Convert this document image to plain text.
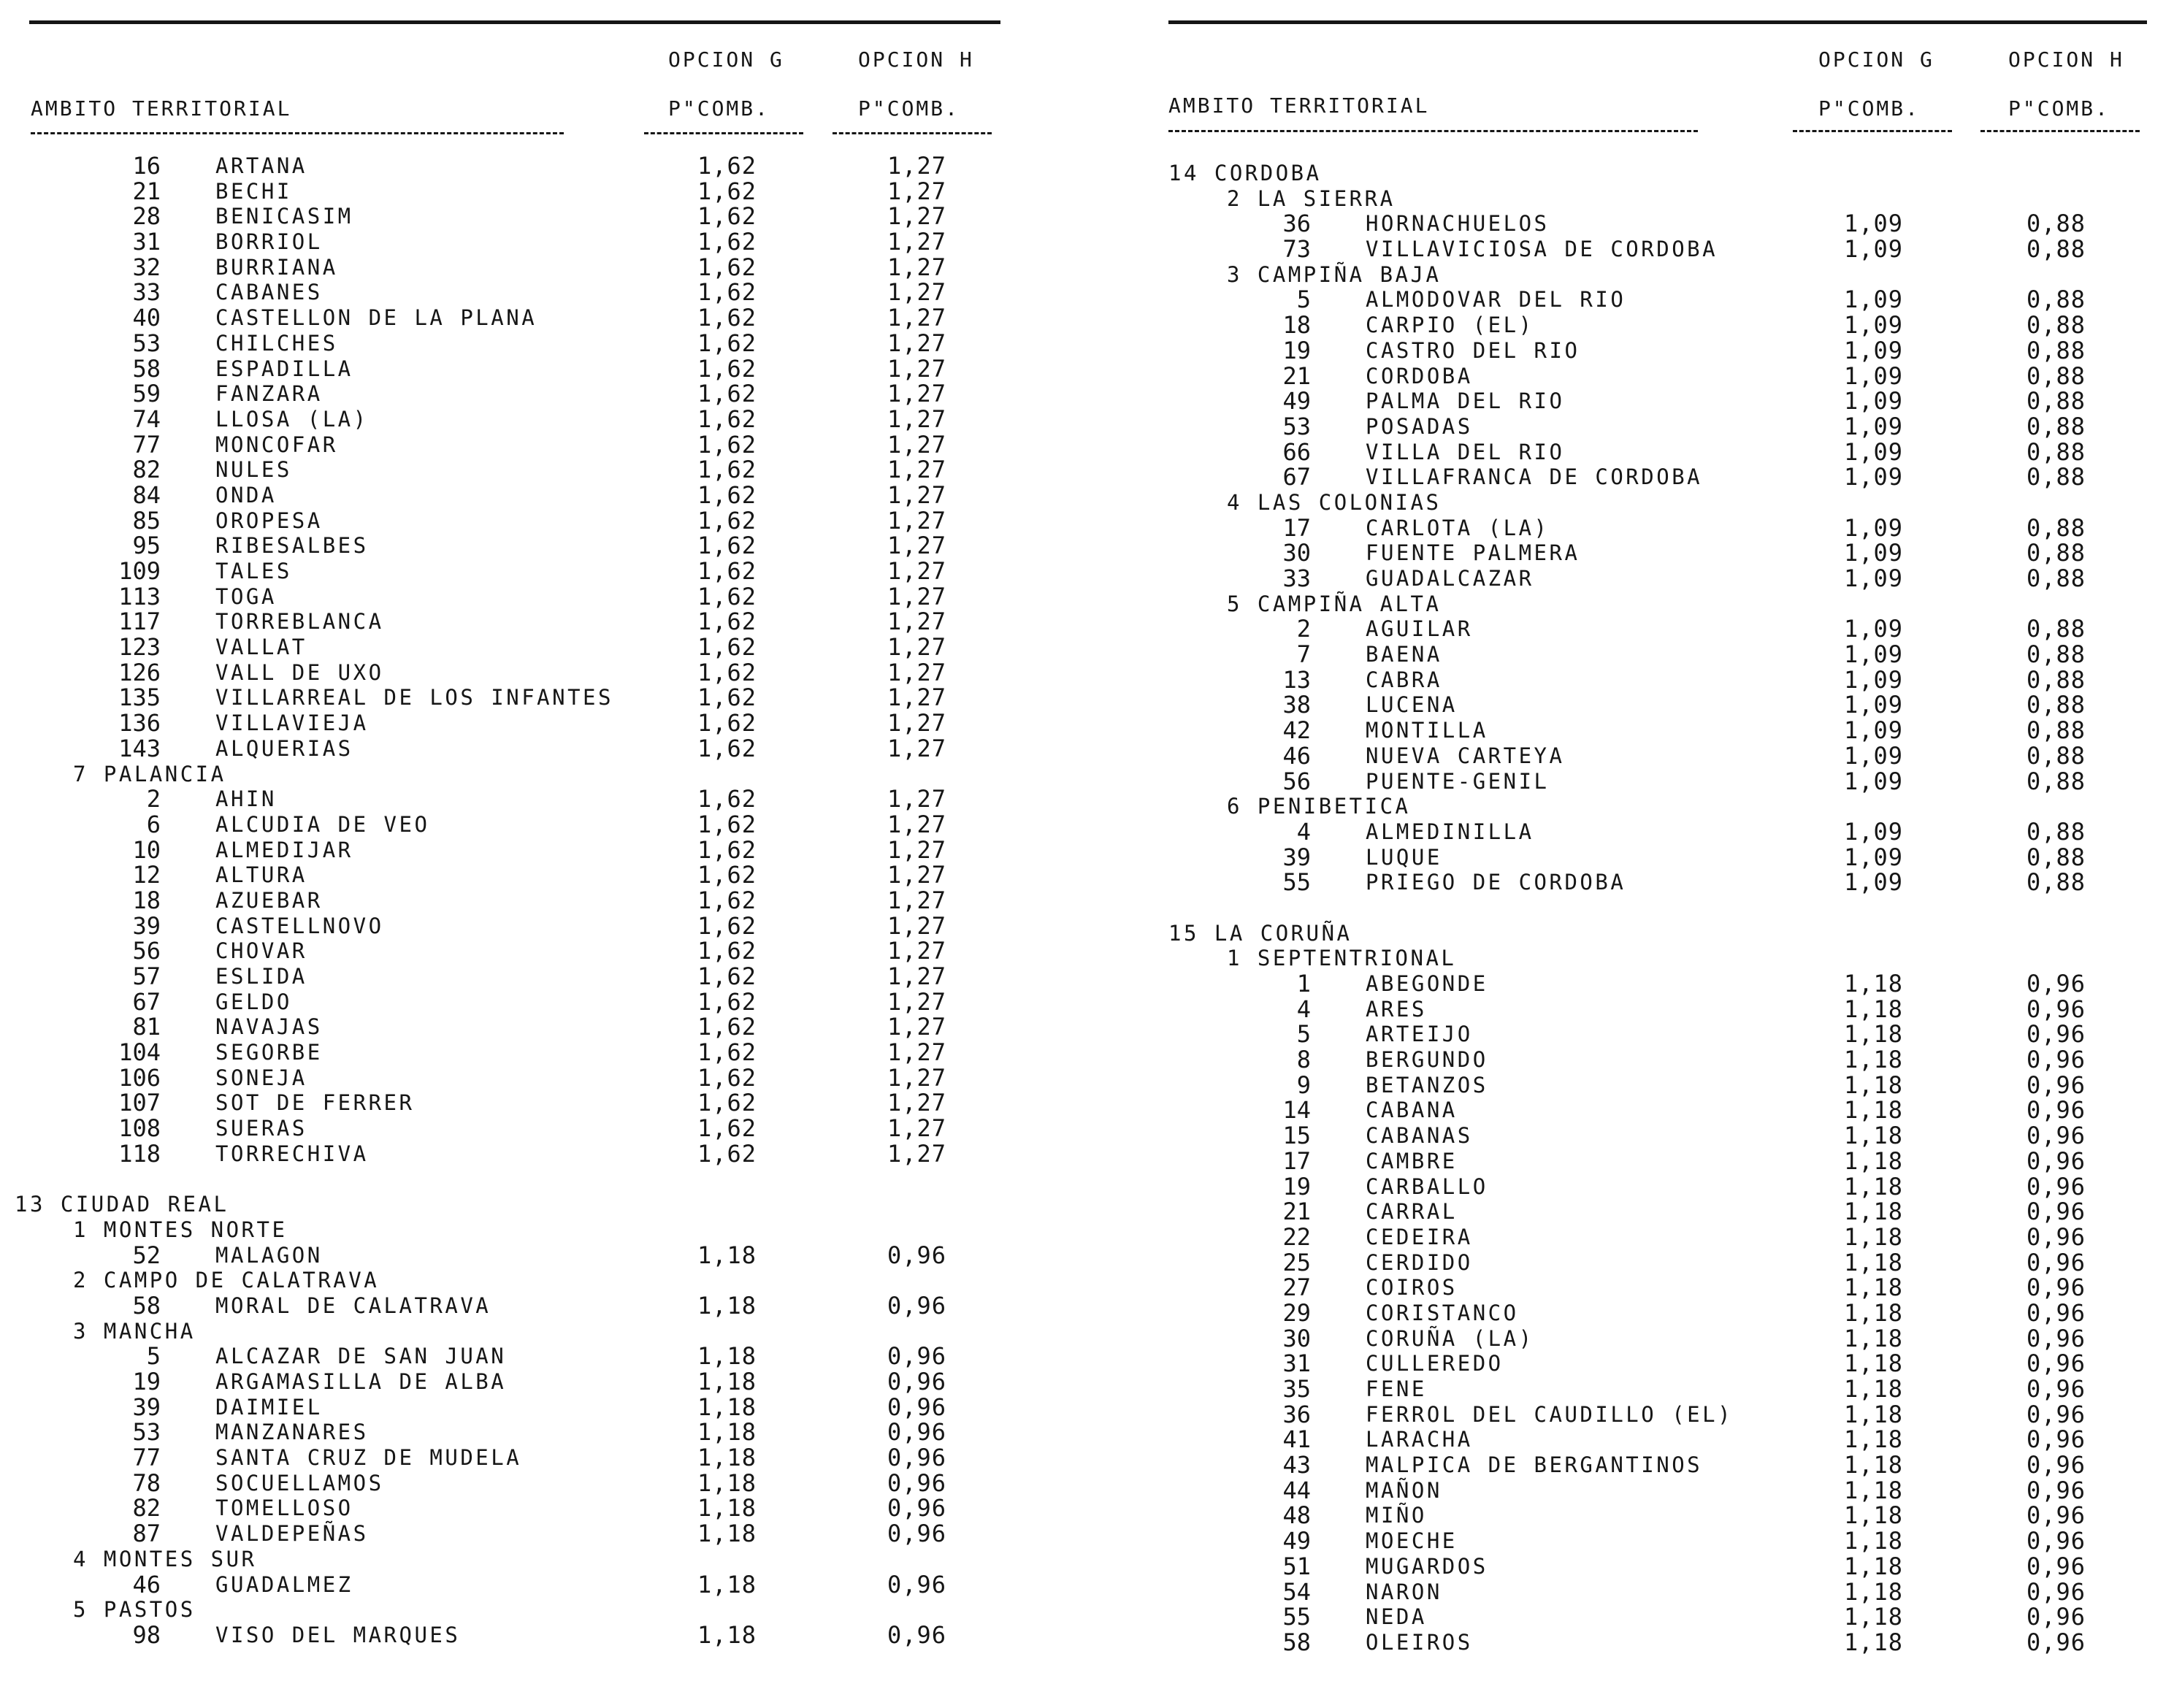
OPCION G	OPCION H
AMBITO TERRITORIAL	P"COMB.	P"COMB.
16	ARTANA	1,62	1,27
21	BECHI	1,62	1,27
28	BENICASIM	1,62	1,27
31	BORRIOL	1,62	1,27
32	BURRIANA	1,62	1,27
33	CABANES	1,62	1,27
40	CASTELLON DE LA PLANA	1,62	1,27
53	CHILCHES	1,62	1,27
58	ESPADILLA	1,62	1,27
59	FANZARA	1,62	1,27
74	LLOSA (LA)	1,62	1,27
77	MONCOFAR	1,62	1,27
82	NULES	1,62	1,27
84	ONDA	1,62	1,27
85	OROPESA	1,62	1,27
95	RIBESALBES	1,62	1,27
109	TALES	1,62	1,27
113	TOGA	1,62	1,27
117	TORREBLANCA	1,62	1,27
123	VALLAT	1,62	1,27
126	VALL DE UXO	1,62	1,27
135	VILLARREAL DE LOS INFANTES	1,62	1,27
136	VILLAVIEJA	1,62	1,27
143	ALQUERIAS	1,62	1,27
7 PALANCIA
2	AHIN	1,62	1,27
6	ALCUDIA DE VEO	1,62	1,27
10	ALMEDIJAR	1,62	1,27
12	ALTURA	1,62	1,27
18	AZUEBAR	1,62	1,27
39	CASTELLNOVO	1,62	1,27
56	CHOVAR	1,62	1,27
57	ESLIDA	1,62	1,27
67	GELDO	1,62	1,27
81	NAVAJAS	1,62	1,27
104	SEGORBE	1,62	1,27
106	SONEJA	1,62	1,27
107	SOT DE FERRER	1,62	1,27
108	SUERAS	1,62	1,27
118	TORRECHIVA	1,62	1,27
13 CIUDAD REAL
1 MONTES NORTE
52	MALAGON	1,18	0,96
2 CAMPO DE CALATRAVA
58	MORAL DE CALATRAVA	1,18	0,96
3 MANCHA
5	ALCAZAR DE SAN JUAN	1,18	0,96
19	ARGAMASILLA DE ALBA	1,18	0,96
39	DAIMIEL	1,18	0,96
53	MANZANARES	1,18	0,96
77	SANTA CRUZ DE MUDELA	1,18	0,96
78	SOCUELLAMOS	1,18	0,96
82	TOMELLOSO	1,18	0,96
87	VALDEPEÑAS	1,18	0,96
4 MONTES SUR
46	GUADALMEZ	1,18	0,96
5 PASTOS
98	VISO DEL MARQUES	1,18	0,96
OPCION G	OPCION H
AMBITO TERRITORIAL	P"COMB.	P"COMB.
14 CORDOBA
2 LA SIERRA
36	HORNACHUELOS	1,09	0,88
73	VILLAVICIOSA DE CORDOBA	1,09	0,88
3 CAMPIÑA BAJA
5	ALMODOVAR DEL RIO	1,09	0,88
18	CARPIO (EL)	1,09	0,88
19	CASTRO DEL RIO	1,09	0,88
21	CORDOBA	1,09	0,88
49	PALMA DEL RIO	1,09	0,88
53	POSADAS	1,09	0,88
66	VILLA DEL RIO	1,09	0,88
67	VILLAFRANCA DE CORDOBA	1,09	0,88
4 LAS COLONIAS
17	CARLOTA (LA)	1,09	0,88
30	FUENTE PALMERA	1,09	0,88
33	GUADALCAZAR	1,09	0,88
5 CAMPIÑA ALTA
2	AGUILAR	1,09	0,88
7	BAENA	1,09	0,88
13	CABRA	1,09	0,88
38	LUCENA	1,09	0,88
42	MONTILLA	1,09	0,88
46	NUEVA CARTEYA	1,09	0,88
56	PUENTE-GENIL	1,09	0,88
6 PENIBETICA
4	ALMEDINILLA	1,09	0,88
39	LUQUE	1,09	0,88
55	PRIEGO DE CORDOBA	1,09	0,88
15 LA CORUÑA
1 SEPTENTRIONAL
1	ABEGONDE	1,18	0,96
4	ARES	1,18	0,96
5	ARTEIJO	1,18	0,96
8	BERGUNDO	1,18	0,96
9	BETANZOS	1,18	0,96
14	CABANA	1,18	0,96
15	CABANAS	1,18	0,96
17	CAMBRE	1,18	0,96
19	CARBALLO	1,18	0,96
21	CARRAL	1,18	0,96
22	CEDEIRA	1,18	0,96
25	CERDIDO	1,18	0,96
27	COIROS	1,18	0,96
29	CORISTANCO	1,18	0,96
30	CORUÑA (LA)	1,18	0,96
31	CULLEREDO	1,18	0,96
35	FENE	1,18	0,96
36	FERROL DEL CAUDILLO (EL)	1,18	0,96
41	LARACHA	1,18	0,96
43	MALPICA DE BERGANTINOS	1,18	0,96
44	MAÑON	1,18	0,96
48	MIÑO	1,18	0,96
49	MOECHE	1,18	0,96
51	MUGARDOS	1,18	0,96
54	NARON	1,18	0,96
55	NEDA	1,18	0,96
58	OLEIROS	1,18	0,96
